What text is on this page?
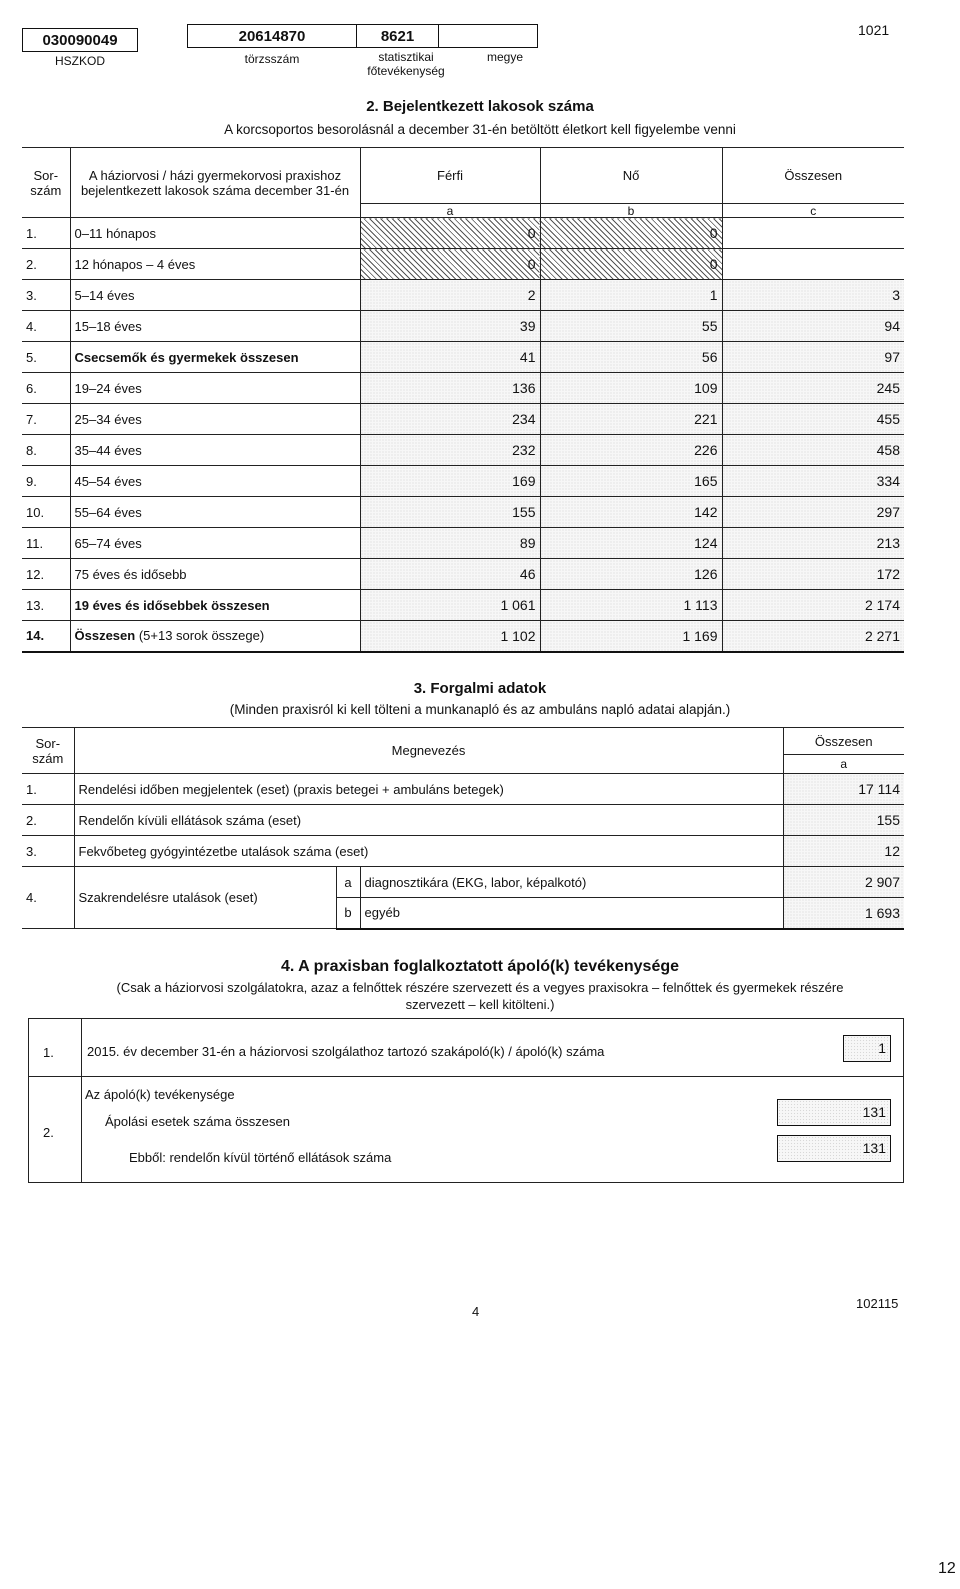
030090049
HSZKOD
20614870	8621
törzsszám	statisztikai
főtevékenység
megye
1021
2. Bejelentkezett lakosok száma
A korcsoportos besorolásnál a december 31-én betöltött életkort kell figyelembe venni
Sor-
szám	A háziorvosi / házi gyermekorvosi praxishoz bejelentkezett lakosok száma december 31-én	Férfi	Nő	Összesen
		a	b	c
1.	0–11 hónapos	0	0	
2.	12 hónapos – 4 éves	0	0	
3.	5–14 éves	2	1	3
4.	15–18 éves	39	55	94
5.	Csecsemők és gyermekek összesen	41	56	97
6.	19–24 éves	136	109	245
7.	25–34 éves	234	221	455
8.	35–44 éves	232	226	458
9.	45–54 éves	169	165	334
10.	55–64 éves	155	142	297
11.	65–74 éves	89	124	213
12.	75 éves és idősebb	46	126	172
13.	19 éves és idősebbek összesen	1 061	1 113	2 174
14.	Összesen (5+13 sorok összege)	1 102	1 169	2 271
3. Forgalmi adatok
(Minden praxisról ki kell tölteni a munkanapló és az ambuláns napló adatai alapján.)
Sor-
szám	Megnevezés			Összesen
				a
1.	Rendelési időben megjelentek (eset) (praxis betegei + ambuláns betegek)			17 114
2.	Rendelőn kívüli ellátások száma (eset)			155
3.	Fekvőbeteg gyógyintézetbe utalások száma (eset)			12
4.	Szakrendelésre utalások (eset)	a	diagnosztikára (EKG, labor, képalkotó)	2 907
		b	egyéb	1 693
4. A praxisban foglalkoztatott ápoló(k) tevékenysége
(Csak a háziorvosi szolgálatokra, azaz a felnőttek részére szervezett és a vegyes praxisokra – felnőttek és gyermekek részére
szervezett – kell kitölteni.)
1.	2015. év december 31-én a háziorvosi szolgálathoz tartozó szakápoló(k) / ápoló(k) száma	1
2.
Az ápoló(k) tevékenysége
Ápolási esetek száma összesen
131
Ebből: rendelőn kívül történő ellátások száma
131
4
102115
12
